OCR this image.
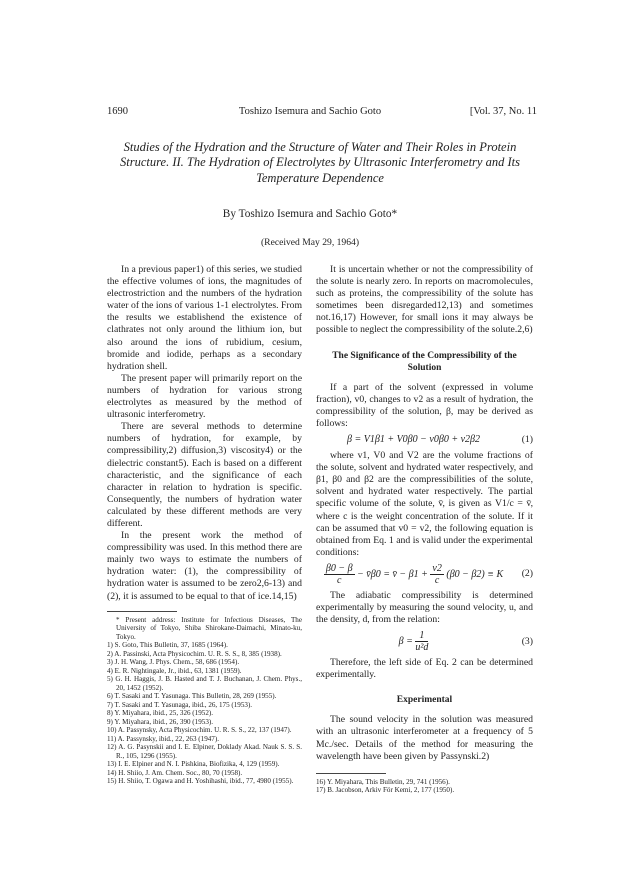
1690	Toshizo Isemura and Sachio Goto	[Vol. 37, No. 11
Studies of the Hydration and the Structure of Water and Their Roles in Protein Structure. II. The Hydration of Electrolytes by Ultrasonic Interferometry and Its Temperature Dependence
By Toshizo Isemura and Sachio Goto*
(Received May 29, 1964)

In a previous paper1) of this series, we studied the effective volumes of ions, the magnitudes of electrostriction and the numbers of the hydration water of the ions of various 1-1 electrolytes. From the results we establishend the existence of clathrates not only around the lithium ion, but also around the ions of rubidium, cesium, bromide and iodide, perhaps as a secondary hydration shell.

The present paper will primarily report on the numbers of hydration for various strong electrolytes as measured by the method of ultrasonic interferometry.

There are several methods to determine numbers of hydration, for example, by compressibility,2) diffusion,3) viscosity4) or the dielectric constant5). Each is based on a different characteristic, and the significance of each character in relation to hydration is specific. Consequently, the numbers of hydration water calculated by these different methods are very different.

In the present work the method of compressibility was used. In this method there are mainly two ways to estimate the numbers of hydration water: (1), the compressibility of hydration water is assumed to be zero2,6-13) and (2), it is assumed to be equal to that of ice.14,15)

* Present address: Institute for Infectious Diseases, The University of Tokyo, Shiba Shirokane-Daimachi, Minato-ku, Tokyo.
1) S. Goto, This Bulletin, 37, 1685 (1964).
2) A. Passinski, Acta Physicochim. U. R. S. S., 8, 385 (1938).
3) J. H. Wang, J. Phys. Chem., 58, 686 (1954).
4) E. R. Nightingale, Jr., ibid., 63, 1381 (1959).
5) G. H. Haggis, J. B. Hasted and T. J. Buchanan, J. Chem. Phys., 20, 1452 (1952).
6) T. Sasaki and T. Yasunaga. This Bulletin, 28, 269 (1955).
7) T. Sasaki and T. Yasunaga, ibid., 26, 175 (1953).
8) Y. Miyahara, ibid., 25, 326 (1952).
9) Y. Miyahara, ibid., 26, 390 (1953).
10) A. Passynsky, Acta Physicochim. U. R. S. S., 22, 137 (1947).
11) A. Passynsky, ibid., 22, 263 (1947).
12) A. G. Pasynskii and I. E. Elpiner, Doklady Akad. Nauk S. S. S. R., 105, 1296 (1955).
13) I. E. Elpiner and N. I. Pishkina, Biofizika, 4, 129 (1959).
14) H. Shiio, J. Am. Chem. Soc., 80, 70 (1958).
15) H. Shiio, T. Ogawa and H. Yoshihashi, ibid., 77, 4980 (1955).

It is uncertain whether or not the compressibility of the solute is nearly zero. In reports on macromolecules, such as proteins, the compressibility of the solute has sometimes been disregarded12,13) and sometimes not.16,17) However, for small ions it may always be possible to neglect the compressibility of the solute.2,6)

The Significance of the Compressibility of the Solution

If a part of the solvent (expressed in volume fraction), v0, changes to v2 as a result of hydration, the compressibility of the solution, β, may be derived as follows:

β = V1β1 + V0β0 − v0β0 + v2β2	(1)

where v1, V0 and V2 are the volume fractions of the solute, solvent and hydrated water respectively, and β1, β0 and β2 are the compressibilities of the solute, solvent and hydrated water respectively. The partial specific volume of the solute, v̄, is given as V1/c = v̄, where c is the weight concentration of the solute. If it can be assumed that v0 = v2, the following equation is obtained from Eq. 1 and is valid under the experimental conditions:

$\frac{\beta 0 - \beta}{c}$ − v̄β0 = v̄ − $\beta 1 + \frac{v2}{c} (\beta 0 - \beta 2) \equiv K$	(2)

The adiabatic compressibility is determined experimentally by measuring the sound velocity, u, and the density, d, from the relation:

$\beta = \frac{1}{\text{u²d}}$	(3)

Therefore, the left side of Eq. 2 can be determined experimentally.

Experimental

The sound velocity in the solution was measured with an ultrasonic interferometer at a frequency of 5 Mc./sec. Details of the method for measuring the wavelength have been given by Passynski.2)

16) Y. Miyahara, This Bulletin, 29, 741 (1956).
17) B. Jacobson, Arkiv För Kemi, 2, 177 (1950).
